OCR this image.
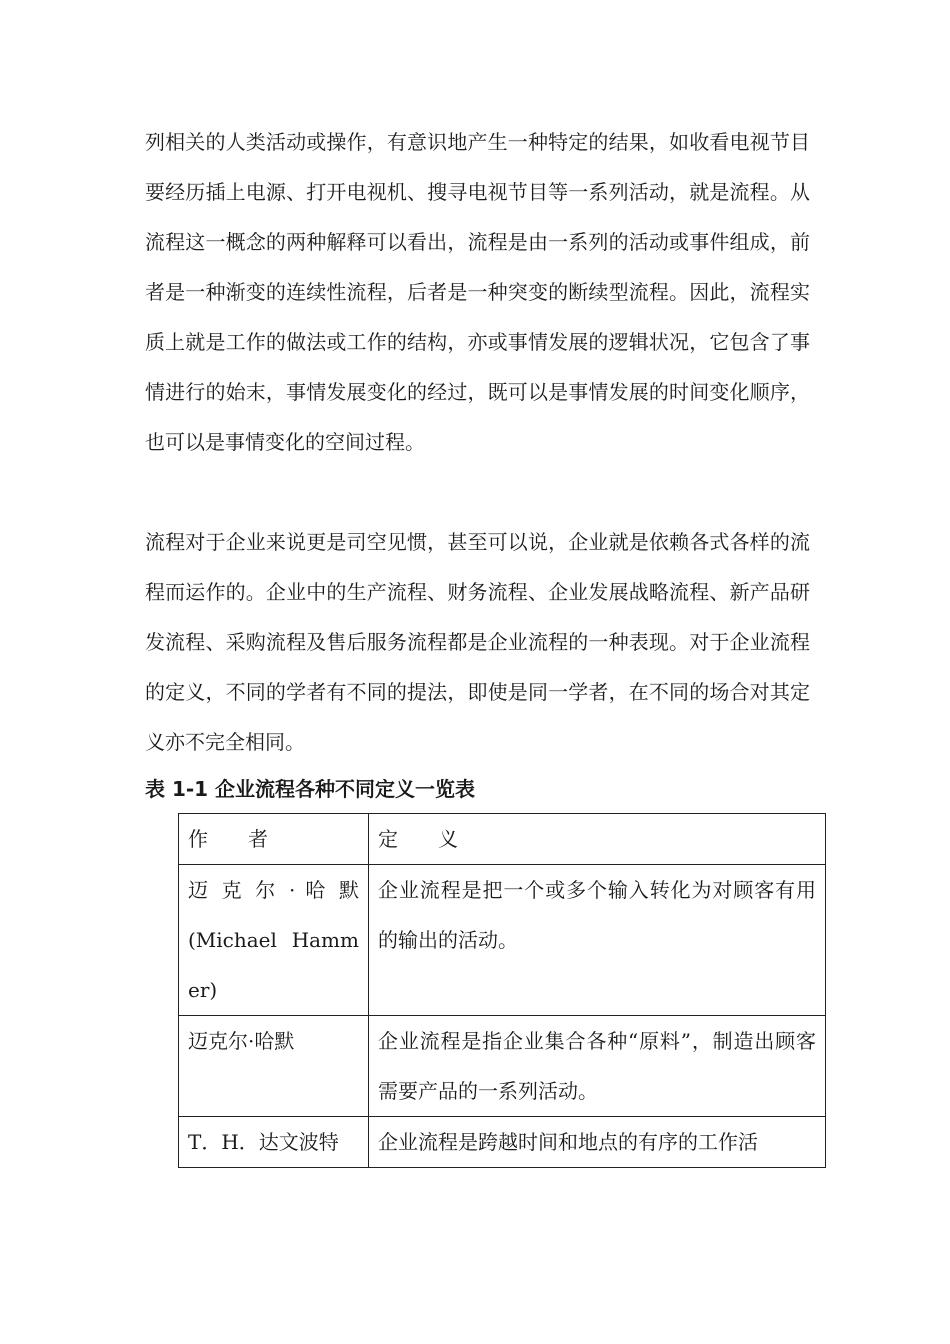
列相关的人类活动或操作，有意识地产生一种特定的结果，如收看电视节目要经历插上电源、打开电视机、搜寻电视节目等一系列活动，就是流程。从流程这一概念的两种解释可以看出，流程是由一系列的活动或事件组成，前者是一种渐变的连续性流程，后者是一种突变的断续型流程。因此，流程实质上就是工作的做法或工作的结构，亦或事情发展的逻辑状况，它包含了事情进行的始末，事情发展变化的经过，既可以是事情发展的时间变化顺序，也可以是事情变化的空间过程。

流程对于企业来说更是司空见惯，甚至可以说，企业就是依赖各式各样的流程而运作的。企业中的生产流程、财务流程、企业发展战略流程、新产品研发流程、采购流程及售后服务流程都是企业流程的一种表现。对于企业流程的定义，不同的学者有不同的提法，即使是同一学者，在不同的场合对其定义亦不完全相同。

表 1-1 企业流程各种不同定义一览表

作　　者	定　　义

迈 克 尔 · 哈 默 (Michael Hammer)	企业流程是把一个或多个输入转化为对顾客有用的输出的活动。

迈克尔·哈默	企业流程是指企业集合各种“原料”，制造出顾客需要产品的一系列活动。

T．H．达文波特	企业流程是跨越时间和地点的有序的工作活
